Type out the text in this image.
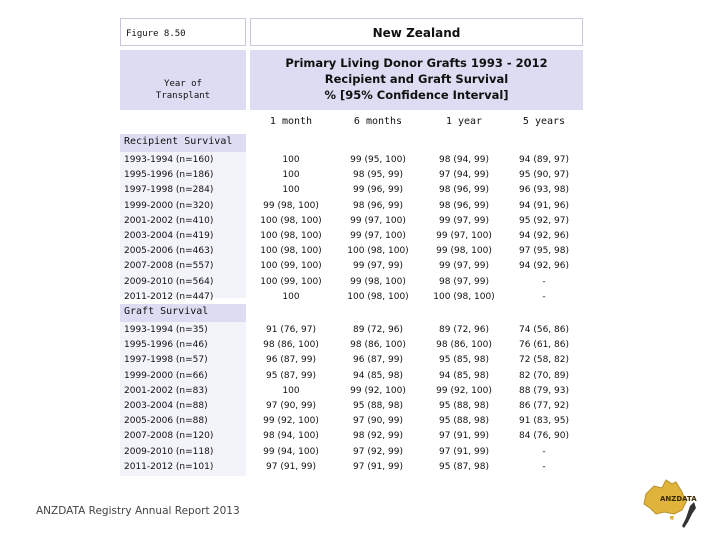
Figure 8.50	New Zealand
Year of
Transplant
Primary Living Donor Grafts 1993 - 2012
Recipient and Graft Survival
% [95% Confidence Interval]
1 month	6 months	1 year	5 years
Recipient Survival
1993-1994 (n=160)	100	99 (95, 100)	98 (94, 99)	94 (89, 97)
1995-1996 (n=186)	100	98 (95, 99)	97 (94, 99)	95 (90, 97)
1997-1998 (n=284)	100	99 (96, 99)	98 (96, 99)	96 (93, 98)
1999-2000 (n=320)	99 (98, 100)	98 (96, 99)	98 (96, 99)	94 (91, 96)
2001-2002 (n=410)	100 (98, 100)	99 (97, 100)	99 (97, 99)	95 (92, 97)
2003-2004 (n=419)	100 (98, 100)	99 (97, 100)	99 (97, 100)	94 (92, 96)
2005-2006 (n=463)	100 (98, 100)	100 (98, 100)	99 (98, 100)	97 (95, 98)
2007-2008 (n=557)	100 (99, 100)	99 (97, 99)	99 (97, 99)	94 (92, 96)
2009-2010 (n=564)	100 (99, 100)	99 (98, 100)	98 (97, 99)	-
2011-2012 (n=447)	100	100 (98, 100)	100 (98, 100)	-
Graft Survival
1993-1994 (n=35)	91 (76, 97)	89 (72, 96)	89 (72, 96)	74 (56, 86)
1995-1996 (n=46)	98 (86, 100)	98 (86, 100)	98 (86, 100)	76 (61, 86)
1997-1998 (n=57)	96 (87, 99)	96 (87, 99)	95 (85, 98)	72 (58, 82)
1999-2000 (n=66)	95 (87, 99)	94 (85, 98)	94 (85, 98)	82 (70, 89)
2001-2002 (n=83)	100	99 (92, 100)	99 (92, 100)	88 (79, 93)
2003-2004 (n=88)	97 (90, 99)	95 (88, 98)	95 (88, 98)	86 (77, 92)
2005-2006 (n=88)	99 (92, 100)	97 (90, 99)	95 (88, 98)	91 (83, 95)
2007-2008 (n=120)	98 (94, 100)	98 (92, 99)	97 (91, 99)	84 (76, 90)
2009-2010 (n=118)	99 (94, 100)	97 (92, 99)	97 (91, 99)	-
2011-2012 (n=101)	97 (91, 99)	97 (91, 99)	95 (87, 98)	-
ANZDATA Registry Annual Report 2013
ANZDATA
